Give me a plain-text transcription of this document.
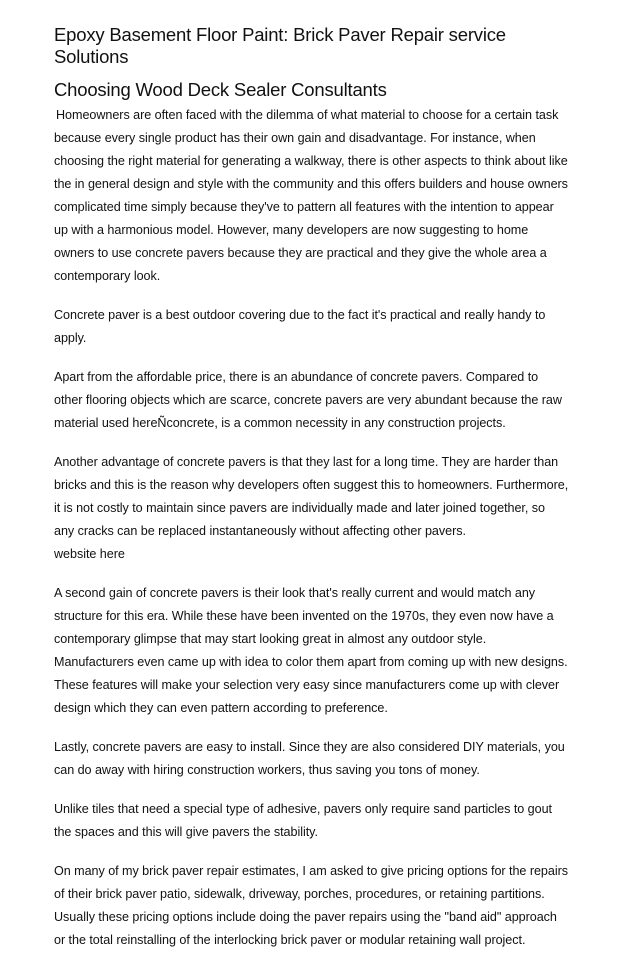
Epoxy Basement Floor Paint: Brick Paver Repair service
Solutions
Choosing Wood Deck Sealer Consultants

Homeowners are often faced with the dilemma of what material to choose for a certain task
because every single product has their own gain and disadvantage. For instance, when
choosing the right material for generating a walkway, there is other aspects to think about like
the in general design and style with the community and this offers builders and house owners
complicated time simply because they've to pattern all features with the intention to appear
up with a harmonious model. However, many developers are now suggesting to home
owners to use concrete pavers because they are practical and they give the whole area a
contemporary look.

Concrete paver is a best outdoor covering due to the fact it's practical and really handy to
apply.

Apart from the affordable price, there is an abundance of concrete pavers. Compared to
other flooring objects which are scarce, concrete pavers are very abundant because the raw
material used hereÑconcrete, is a common necessity in any construction projects.

Another advantage of concrete pavers is that they last for a long time. They are harder than
bricks and this is the reason why developers often suggest this to homeowners. Furthermore,
it is not costly to maintain since pavers are individually made and later joined together, so
any cracks can be replaced instantaneously without affecting other pavers.
website here

A second gain of concrete pavers is their look that's really current and would match any
structure for this era. While these have been invented on the 1970s, they even now have a
contemporary glimpse that may start looking great in almost any outdoor style.
Manufacturers even came up with idea to color them apart from coming up with new designs.
These features will make your selection very easy since manufacturers come up with clever
design which they can even pattern according to preference.

Lastly, concrete pavers are easy to install. Since they are also considered DIY materials, you
can do away with hiring construction workers, thus saving you tons of money.

Unlike tiles that need a special type of adhesive, pavers only require sand particles to gout
the spaces and this will give pavers the stability.

On many of my brick paver repair estimates, I am asked to give pricing options for the repairs
of their brick paver patio, sidewalk, driveway, porches, procedures, or retaining partitions.
Usually these pricing options include doing the paver repairs using the "band aid" approach
or the total reinstalling of the interlocking brick paver or modular retaining wall project.
